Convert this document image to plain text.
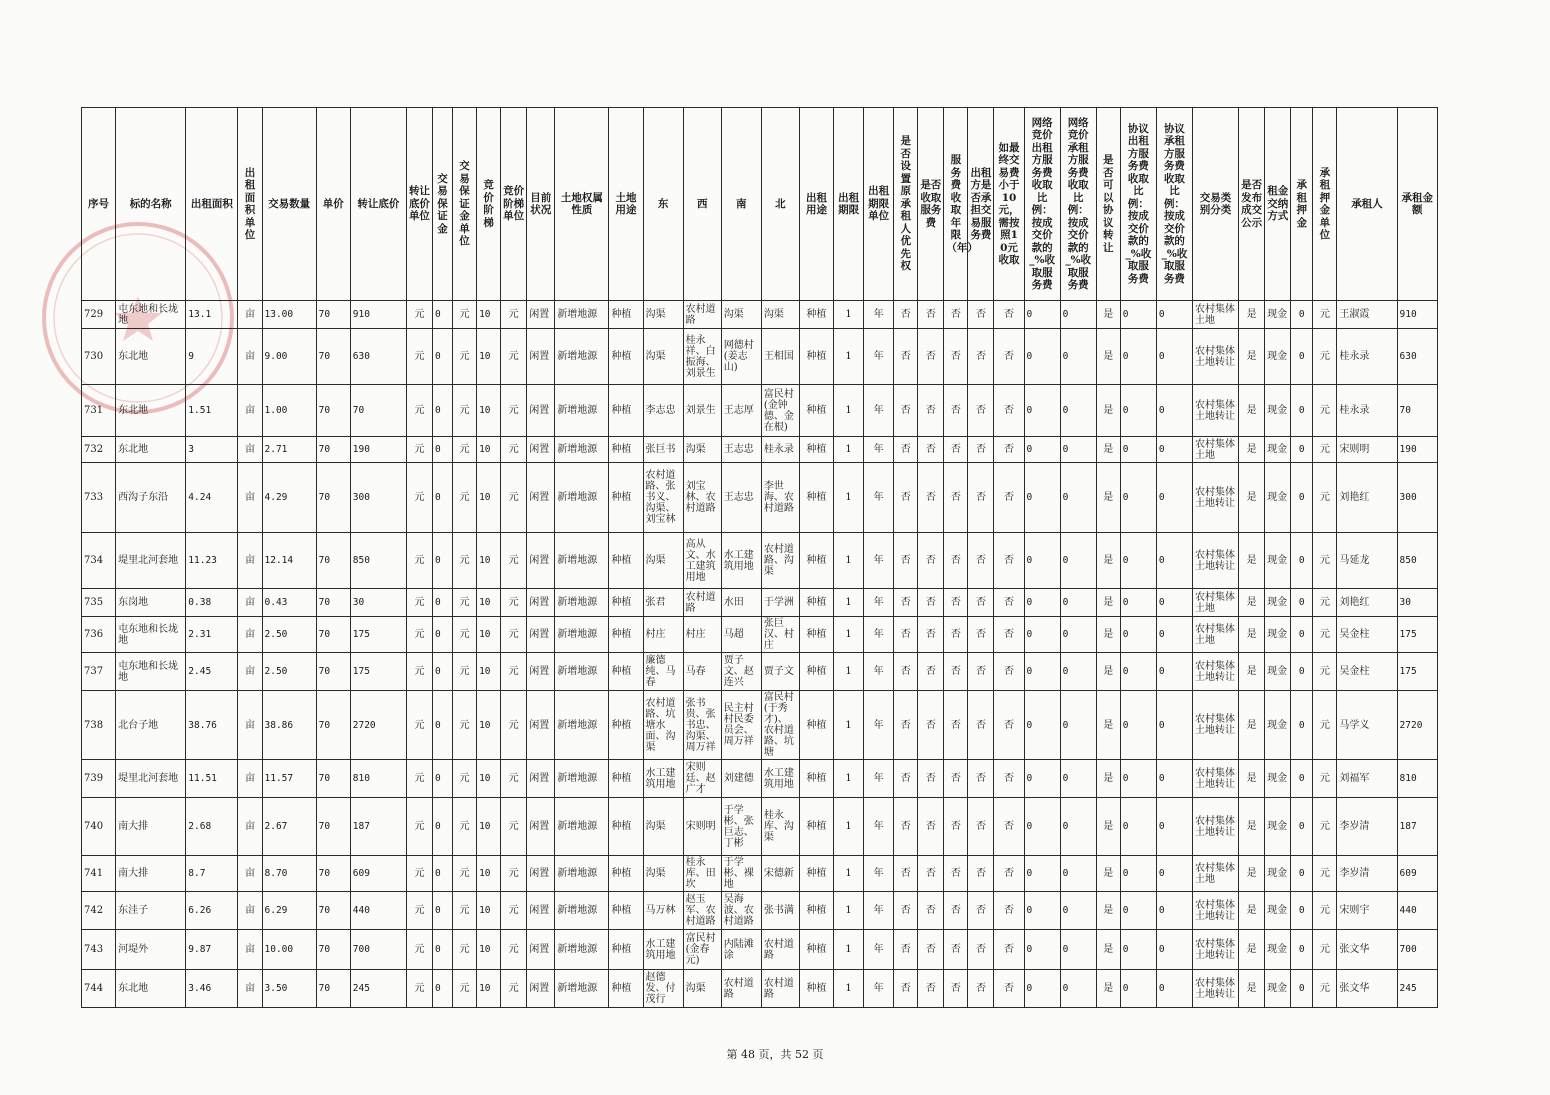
序号	标的名称	出租面积	出租面积单位	交易数量	单价	转让底价	转让底价单位	交易保证金	交易保证金单位	竞价阶梯	竞价阶梯单位	目前状况	土地权属性质	土地用途	东	西	南	北	出租用途	出租期限	出租期限单位	是否设置原承租人优先权	是否收取服务费	服务费收取年限（年）	出租方是否承担交易服务费	如最终交易费小于10元，需按照10元收取	网络竞价出租方服务费收取比例：按成交价款的_%收取服务费	网络竞价承租方服务费收取比例：按成交价款的_%收取服务费	是否可以协议转让	协议出租方服务费收取比例：按成交价款的_%收取服务费	协议承租方服务费收取比例：按成交价款的_%收取服务费	交易类别分类	是否发布成交公示	租金交纳方式	承租押金	承租押金单位	承租人	承租金额
729	屯东地和长垅地	13.1	亩	13.00	70	910	元	0	元	10	元	闲置	新增地源	种植	沟渠	农村道路	沟渠	沟渠	种植	1	年	否	否	否	否	否	0	0	是	0	0	农村集体土地	是	现金	0	元	王淑霞	910
730	东北地	9	亩	9.00	70	630	元	0	元	10	元	闲置	新增地源	种植	沟渠	桂永祥、白振海、刘景生	网德村(姜志山)	王相国	种植	1	年	否	否	否	否	否	0	0	是	0	0	农村集体土地转让	是	现金	0	元	桂永录	630
731	东北地	1.51	亩	1.00	70	70	元	0	元	10	元	闲置	新增地源	种植	李志忠	刘景生	王志厚	富民村(金钟德、金在根)	种植	1	年	否	否	否	否	否	0	0	是	0	0	农村集体土地转让	是	现金	0	元	桂永录	70
732	东北地	3	亩	2.71	70	190	元	0	元	10	元	闲置	新增地源	种植	张巨书	沟渠	王志忠	桂永录	种植	1	年	否	否	否	否	否	0	0	是	0	0	农村集体土地	是	现金	0	元	宋则明	190
733	西沟子东沿	4.24	亩	4.29	70	300	元	0	元	10	元	闲置	新增地源	种植	农村道路、张书义、沟渠、刘宝林	刘宝林、农村道路	王志忠	李世海、农村道路	种植	1	年	否	否	否	否	否	0	0	是	0	0	农村集体土地转让	是	现金	0	元	刘艳红	300
734	堤里北河套地	11.23	亩	12.14	70	850	元	0	元	10	元	闲置	新增地源	种植	沟渠	高从文、水工建筑用地	水工建筑用地	农村道路、沟渠	种植	1	年	否	否	否	否	否	0	0	是	0	0	农村集体土地转让	是	现金	0	元	马延龙	850
735	东岗地	0.38	亩	0.43	70	30	元	0	元	10	元	闲置	新增地源	种植	张君	农村道路	水田	于学洲	种植	1	年	否	否	否	否	否	0	0	是	0	0	农村集体土地	是	现金	0	元	刘艳红	30
736	屯东地和长垅地	2.31	亩	2.50	70	175	元	0	元	10	元	闲置	新增地源	种植	村庄	村庄	马超	张巨汉、村庄	种植	1	年	否	否	否	否	否	0	0	是	0	0	农村集体土地	是	现金	0	元	吴金柱	175
737	屯东地和长垅地	2.45	亩	2.50	70	175	元	0	元	10	元	闲置	新增地源	种植	廉德纯、马春	马春	贾子文、赵连兴	贾子文	种植	1	年	否	否	否	否	否	0	0	是	0	0	农村集体土地转让	是	现金	0	元	吴金柱	175
738	北台子地	38.76	亩	38.86	70	2720	元	0	元	10	元	闲置	新增地源	种植	农村道路、坑塘水面、沟渠	张书贵、张书忠、沟渠、周万祥	民主村村民委员会、周万祥	富民村(于秀才)、农村道路、坑塘	种植	1	年	否	否	否	否	否	0	0	是	0	0	农村集体土地转让	是	现金	0	元	马学义	2720
739	堤里北河套地	11.51	亩	11.57	70	810	元	0	元	10	元	闲置	新增地源	种植	水工建筑用地	宋则廷、赵广才	刘建德	水工建筑用地	种植	1	年	否	否	否	否	否	0	0	是	0	0	农村集体土地转让	是	现金	0	元	刘福军	810
740	南大排	2.68	亩	2.67	70	187	元	0	元	10	元	闲置	新增地源	种植	沟渠	宋则明	于学彬、张巨志、丁彬	桂永库、沟渠	种植	1	年	否	否	否	否	否	0	0	是	0	0	农村集体土地转让	是	现金	0	元	李岁清	187
741	南大排	8.7	亩	8.70	70	609	元	0	元	10	元	闲置	新增地源	种植	沟渠	桂永库、田坎	于学彬、裸地	宋德新	种植	1	年	否	否	否	否	否	0	0	是	0	0	农村集体土地	是	现金	0	元	李岁清	609
742	东洼子	6.26	亩	6.29	70	440	元	0	元	10	元	闲置	新增地源	种植	马万林	赵玉军、农村道路	吴海波、农村道路	张书满	种植	1	年	否	否	否	否	否	0	0	是	0	0	农村集体土地转让	是	现金	0	元	宋则宇	440
743	河堤外	9.87	亩	10.00	70	700	元	0	元	10	元	闲置	新增地源	种植	水工建筑用地	富民村(金春元)	内陆滩涂	农村道路	种植	1	年	否	否	否	否	否	0	0	是	0	0	农村集体土地转让	是	现金	0	元	张文华	700
744	东北地	3.46	亩	3.50	70	245	元	0	元	10	元	闲置	新增地源	种植	赵德发、付茂行	沟渠	农村道路	农村道路	种植	1	年	否	否	否	否	否	0	0	是	0	0	农村集体土地转让	是	现金	0	元	张文华	245
第 48 页，共 52 页
